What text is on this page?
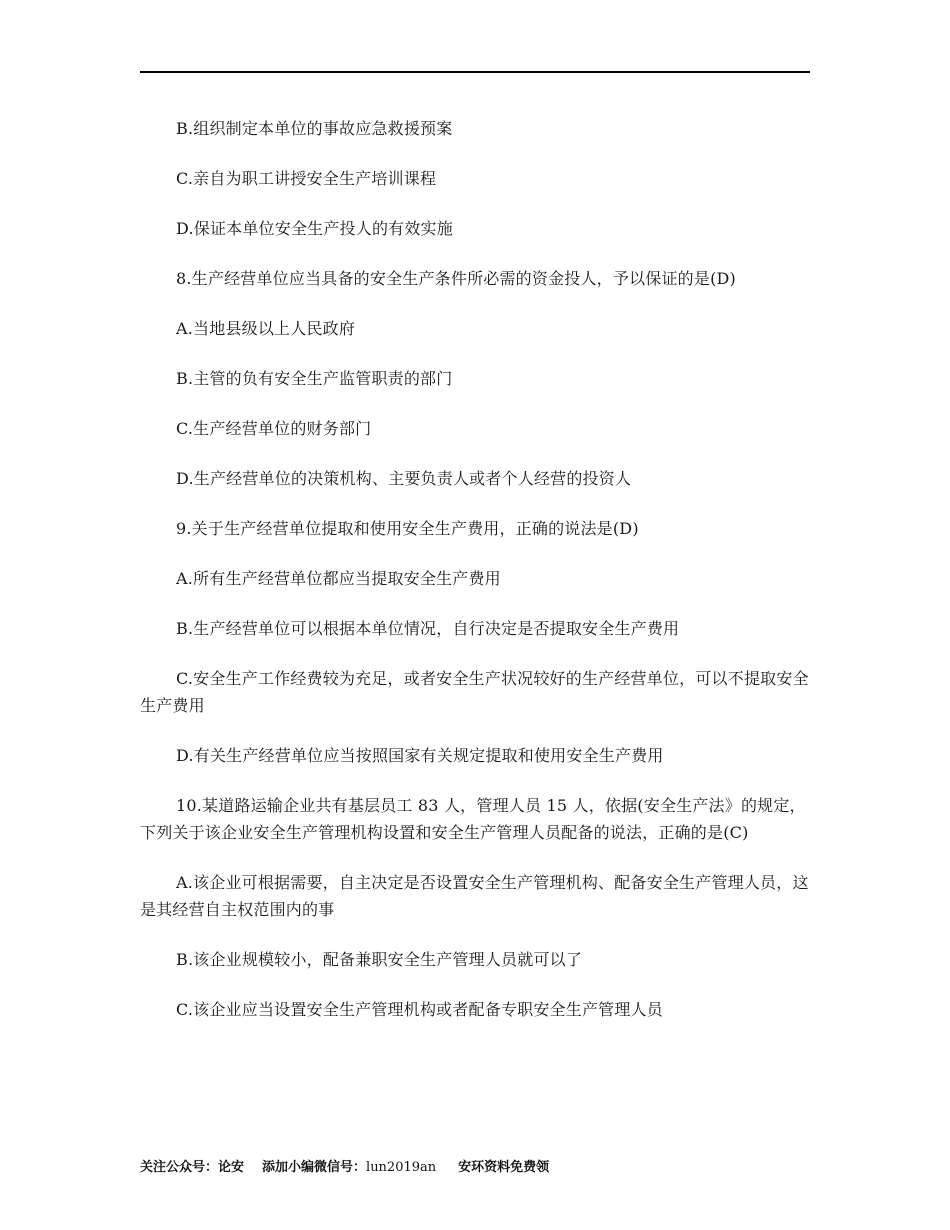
B.组织制定本单位的事故应急救援预案

C.亲自为职工讲授安全生产培训课程

D.保证本单位安全生产投人的有效实施

8.生产经营单位应当具备的安全生产条件所必需的资金投人，予以保证的是(D)

A.当地县级以上人民政府

B.主管的负有安全生产监管职责的部门

C.生产经营单位的财务部门

D.生产经营单位的决策机构、主要负责人或者个人经营的投资人

9.关于生产经营单位提取和使用安全生产费用，正确的说法是(D)

A.所有生产经营单位都应当提取安全生产费用

B.生产经营单位可以根据本单位情况，自行决定是否提取安全生产费用

C.安全生产工作经费较为充足，或者安全生产状况较好的生产经营单位，可以不提取安全生产费用

D.有关生产经营单位应当按照国家有关规定提取和使用安全生产费用

10.某道路运输企业共有基层员工 83 人，管理人员 15 人，依据(安全生产法》的规定，下列关于该企业安全生产管理机构设置和安全生产管理人员配备的说法，正确的是(C)

A.该企业可根据需要，自主决定是否设置安全生产管理机构、配备安全生产管理人员，这是其经营自主权范围内的事

B.该企业规模较小，配备兼职安全生产管理人员就可以了

C.该企业应当设置安全生产管理机构或者配备专职安全生产管理人员

关注公众号：论安 添加小编微信号：lun2019an 安环资料免费领
